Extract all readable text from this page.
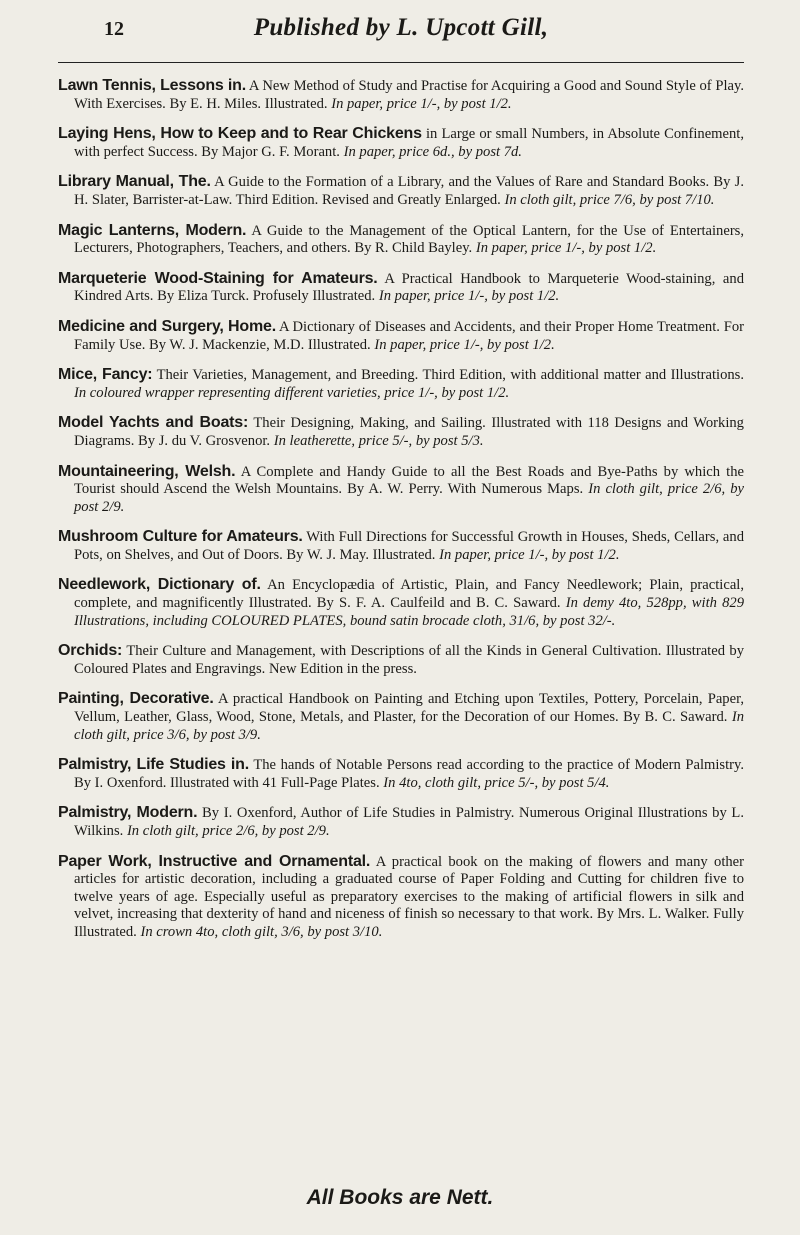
12	Published by L. Upcott Gill,

Lawn Tennis, Lessons in. A New Method of Study and Practise for Acquiring a Good and Sound Style of Play. With Exercises. By E. H. Miles. Illustrated. In paper, price 1/-, by post 1/2.

Laying Hens, How to Keep and to Rear Chickens in Large or small Numbers, in Absolute Confinement, with perfect Success. By Major G. F. Morant. In paper, price 6d., by post 7d.

Library Manual, The. A Guide to the Formation of a Library, and the Values of Rare and Standard Books. By J. H. Slater, Barrister-at-Law. Third Edition. Revised and Greatly Enlarged. In cloth gilt, price 7/6, by post 7/10.

Magic Lanterns, Modern. A Guide to the Management of the Optical Lantern, for the Use of Entertainers, Lecturers, Photographers, Teachers, and others. By R. Child Bayley. In paper, price 1/-, by post 1/2.

Marqueterie Wood-Staining for Amateurs. A Practical Handbook to Marqueterie Wood-staining, and Kindred Arts. By Eliza Turck. Profusely Illustrated. In paper, price 1/-, by post 1/2.

Medicine and Surgery, Home. A Dictionary of Diseases and Accidents, and their Proper Home Treatment. For Family Use. By W. J. Mackenzie, M.D. Illustrated. In paper, price 1/-, by post 1/2.

Mice, Fancy: Their Varieties, Management, and Breeding. Third Edition, with additional matter and Illustrations. In coloured wrapper representing different varieties, price 1/-, by post 1/2.

Model Yachts and Boats: Their Designing, Making, and Sailing. Illustrated with 118 Designs and Working Diagrams. By J. du V. Grosvenor. In leatherette, price 5/-, by post 5/3.

Mountaineering, Welsh. A Complete and Handy Guide to all the Best Roads and Bye-Paths by which the Tourist should Ascend the Welsh Mountains. By A. W. Perry. With Numerous Maps. In cloth gilt, price 2/6, by post 2/9.

Mushroom Culture for Amateurs. With Full Directions for Successful Growth in Houses, Sheds, Cellars, and Pots, on Shelves, and Out of Doors. By W. J. May. Illustrated. In paper, price 1/-, by post 1/2.

Needlework, Dictionary of. An Encyclopædia of Artistic, Plain, and Fancy Needlework; Plain, practical, complete, and magnificently Illustrated. By S. F. A. Caulfeild and B. C. Saward. In demy 4to, 528pp, with 829 Illustrations, including COLOURED PLATES, bound satin brocade cloth, 31/6, by post 32/-.

Orchids: Their Culture and Management, with Descriptions of all the Kinds in General Cultivation. Illustrated by Coloured Plates and Engravings. New Edition in the press.

Painting, Decorative. A practical Handbook on Painting and Etching upon Textiles, Pottery, Porcelain, Paper, Vellum, Leather, Glass, Wood, Stone, Metals, and Plaster, for the Decoration of our Homes. By B. C. Saward. In cloth gilt, price 3/6, by post 3/9.

Palmistry, Life Studies in. The hands of Notable Persons read according to the practice of Modern Palmistry. By I. Oxenford. Illustrated with 41 Full-Page Plates. In 4to, cloth gilt, price 5/-, by post 5/4.

Palmistry, Modern. By I. Oxenford, Author of Life Studies in Palmistry. Numerous Original Illustrations by L. Wilkins. In cloth gilt, price 2/6, by post 2/9.

Paper Work, Instructive and Ornamental. A practical book on the making of flowers and many other articles for artistic decoration, including a graduated course of Paper Folding and Cutting for children five to twelve years of age. Especially useful as preparatory exercises to the making of artificial flowers in silk and velvet, increasing that dexterity of hand and niceness of finish so necessary to that work. By Mrs. L. Walker. Fully Illustrated. In crown 4to, cloth gilt, 3/6, by post 3/10.

All Books are Nett.
